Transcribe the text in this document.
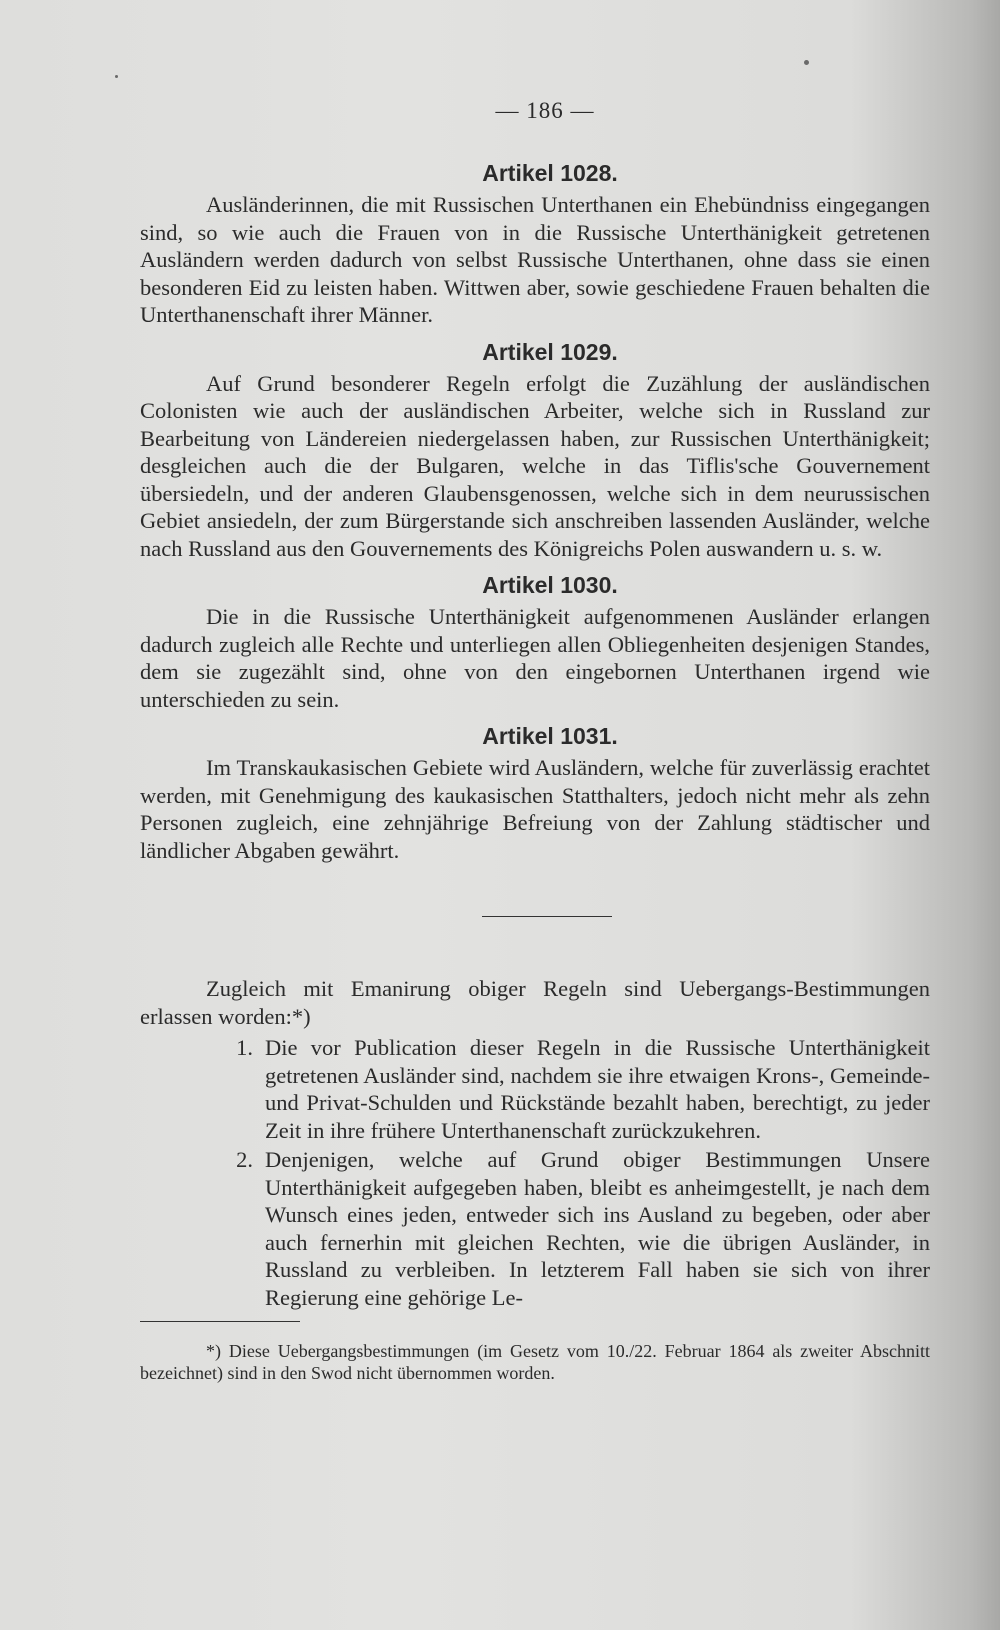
— 186 —
Artikel 1028.

Ausländerinnen, die mit Russischen Unterthanen ein Ehebündniss eingegangen sind, so wie auch die Frauen von in die Russische Unterthänigkeit getretenen Ausländern werden dadurch von selbst Russische Unterthanen, ohne dass sie einen besonderen Eid zu leisten haben. Wittwen aber, sowie geschiedene Frauen behalten die Unterthanenschaft ihrer Männer.

Artikel 1029.

Auf Grund besonderer Regeln erfolgt die Zuzählung der ausländischen Colonisten wie auch der ausländischen Arbeiter, welche sich in Russland zur Bearbeitung von Ländereien niedergelassen haben, zur Russischen Unterthänigkeit; desgleichen auch die der Bulgaren, welche in das Tiflis'sche Gouvernement übersiedeln, und der anderen Glaubensgenossen, welche sich in dem neurussischen Gebiet ansiedeln, der zum Bürgerstande sich anschreiben lassenden Ausländer, welche nach Russland aus den Gouvernements des Königreichs Polen auswandern u. s. w.

Artikel 1030.

Die in die Russische Unterthänigkeit aufgenommenen Ausländer erlangen dadurch zugleich alle Rechte und unterliegen allen Obliegenheiten desjenigen Standes, dem sie zugezählt sind, ohne von den eingebornen Unterthanen irgend wie unterschieden zu sein.

Artikel 1031.

Im Transkaukasischen Gebiete wird Ausländern, welche für zuverlässig erachtet werden, mit Genehmigung des kaukasischen Statthalters, jedoch nicht mehr als zehn Personen zugleich, eine zehnjährige Befreiung von der Zahlung städtischer und ländlicher Abgaben gewährt.

Zugleich mit Emanirung obiger Regeln sind Uebergangs-Bestimmungen erlassen worden:*)

1. Die vor Publication dieser Regeln in die Russische Unterthänigkeit getretenen Ausländer sind, nachdem sie ihre etwaigen Krons-, Gemeinde- und Privat-Schulden und Rückstände bezahlt haben, berechtigt, zu jeder Zeit in ihre frühere Unterthanenschaft zurückzukehren.
2. Denjenigen, welche auf Grund obiger Bestimmungen Unsere Unterthänigkeit aufgegeben haben, bleibt es anheimgestellt, je nach dem Wunsch eines jeden, entweder sich ins Ausland zu begeben, oder aber auch fernerhin mit gleichen Rechten, wie die übrigen Ausländer, in Russland zu verbleiben. In letzterem Fall haben sie sich von ihrer Regierung eine gehörige Le-

*) Diese Uebergangsbestimmungen (im Gesetz vom 10./22. Februar 1864 als zweiter Abschnitt bezeichnet) sind in den Swod nicht übernommen worden.
